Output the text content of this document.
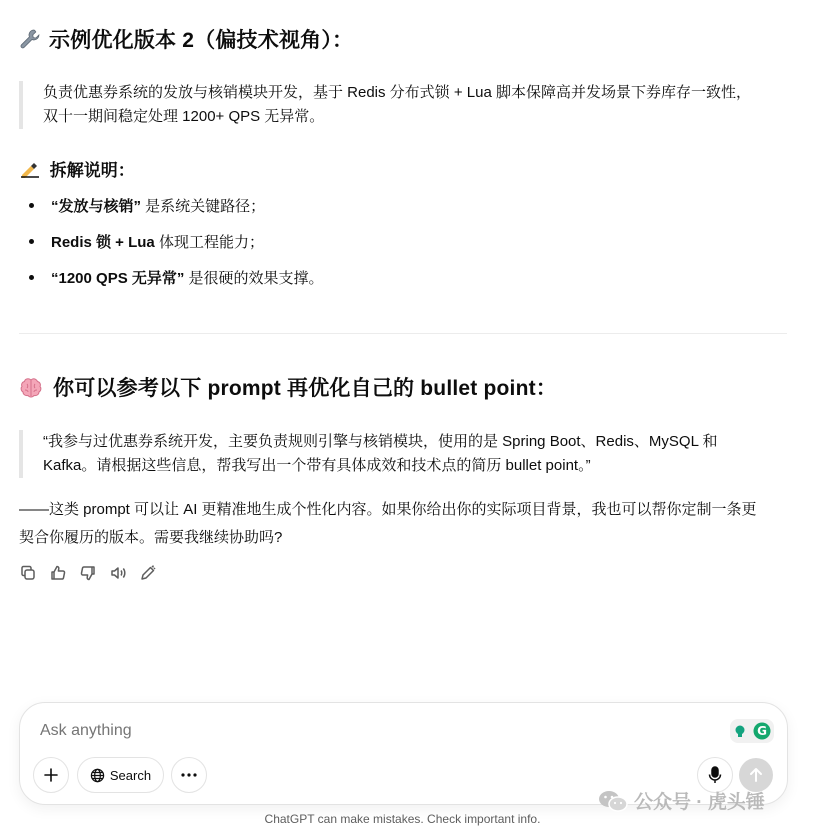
示例优化版本 2（偏技术视角）：
负责优惠券系统的发放与核销模块开发，基于 Redis 分布式锁 + Lua 脚本保障高并发场景下券库存一致性，
双十一期间稳定处理 1200+ QPS 无异常。
拆解说明：
“发放与核销” 是系统关键路径；
Redis 锁 + Lua 体现工程能力；
“1200 QPS 无异常” 是很硬的效果支撑。
你可以参考以下 prompt 再优化自己的 bullet point：
“我参与过优惠券系统开发，主要负责规则引擎与核销模块，使用的是 Spring Boot、Redis、MySQL 和
Kafka。请根据这些信息，帮我写出一个带有具体成效和技术点的简历 bullet point。”
——这类 prompt 可以让 AI 更精准地生成个性化内容。如果你给出你的实际项目背景，我也可以帮你定制一条更
契合你履历的版本。需要我继续协助吗?
Ask anything
G
Search
ChatGPT can make mistakes. Check important info.
公众号 · 虎头锤
